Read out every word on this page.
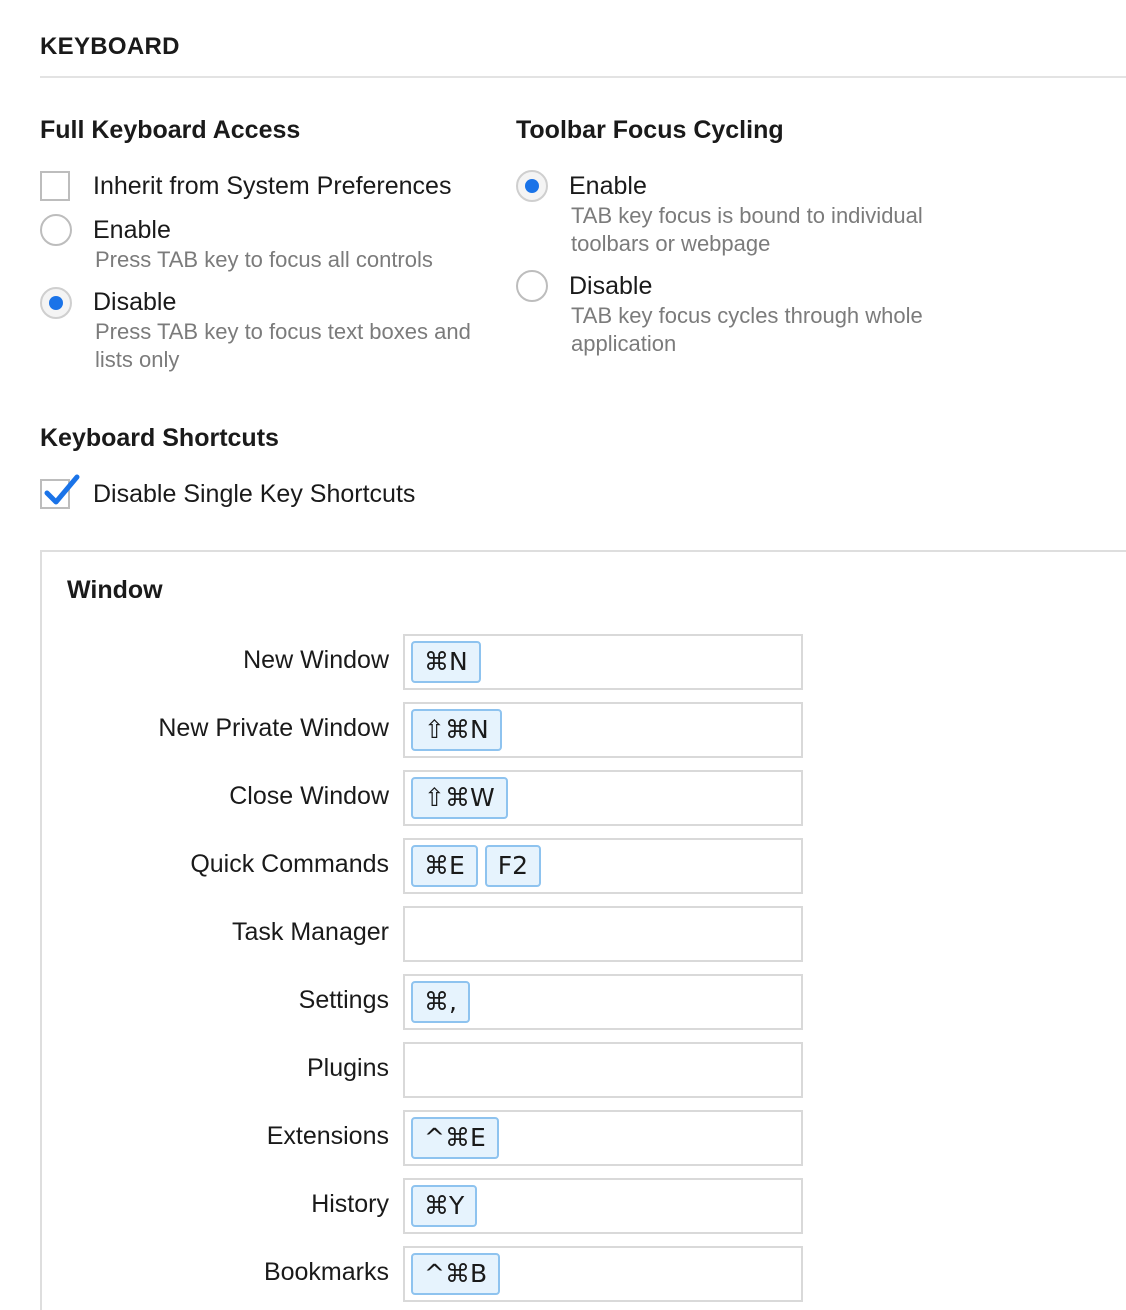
KEYBOARD
Full Keyboard Access
Inherit from System Preferences
Enable
Press TAB key to focus all controls
Disable
Press TAB key to focus text boxes and lists only
Toolbar Focus Cycling
Enable
TAB key focus is bound to individual toolbars or webpage
Disable
TAB key focus cycles through whole application
Keyboard Shortcuts
Disable Single Key Shortcuts
Window
New Window	⌘N
New Private Window	⇧⌘N
Close Window	⇧⌘W
Quick Commands	⌘E	F2
Task Manager
Settings	⌘,
Plugins
Extensions	^⌘E
History	⌘Y
Bookmarks	^⌘B
